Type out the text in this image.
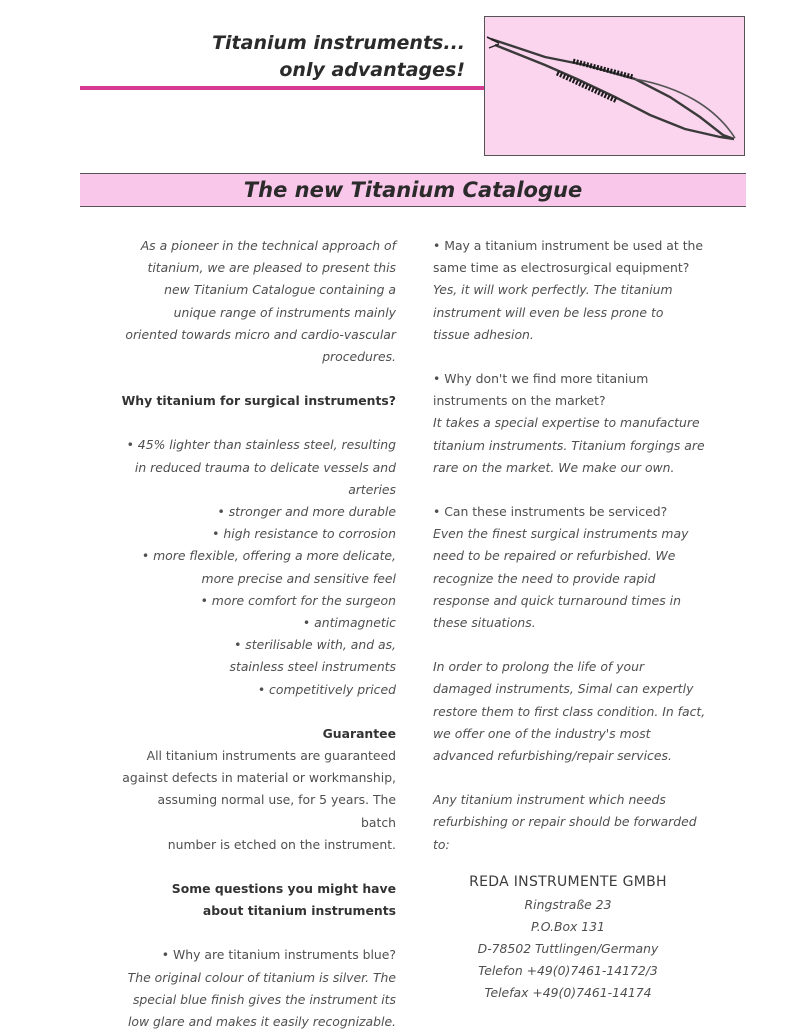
Titanium instruments...
only advantages!
The new Titanium Catalogue

As a pioneer in the technical approach of

titanium, we are pleased to present this

new Titanium Catalogue containing a

unique range of instruments mainly

oriented towards micro and cardio-vascular

procedures.

Why titanium for surgical instruments?

• 45% lighter than stainless steel, resulting

in reduced trauma to delicate vessels and

arteries

• stronger and more durable

• high resistance to corrosion

• more flexible, offering a more delicate,

more precise and sensitive feel

• more comfort for the surgeon

• antimagnetic

• sterilisable with, and as,

stainless steel instruments

• competitively priced

Guarantee

All titanium instruments are guaranteed

against defects in material or workmanship,

assuming normal use, for 5 years. The batch

number is etched on the instrument.

Some questions you might have

about titanium instruments

• Why are titanium instruments blue?

The original colour of titanium is silver. The

special blue finish gives the instrument its

low glare and makes it easily recognizable.

• May a titanium instrument be used at the

same time as electrosurgical equipment?

Yes, it will work perfectly. The titanium

instrument will even be less prone to

tissue adhesion.

• Why don't we find more titanium

instruments on the market?

It takes a special expertise to manufacture

titanium instruments. Titanium forgings are

rare on the market. We make our own.

• Can these instruments be serviced?

Even the finest surgical instruments may

need to be repaired or refurbished. We

recognize the need to provide rapid

response and quick turnaround times in

these situations.

In order to prolong the life of your

damaged instruments, Simal can expertly

restore them to first class condition. In fact,

we offer one of the industry's most

advanced refurbishing/repair services.

Any titanium instrument which needs

refurbishing or repair should be forwarded

to:

REDA INSTRUMENTE GMBH
Ringstraße 23
P.O.Box 131
D-78502 Tuttlingen/Germany
Telefon +49(0)7461-14172/3
Telefax +49(0)7461-14174
